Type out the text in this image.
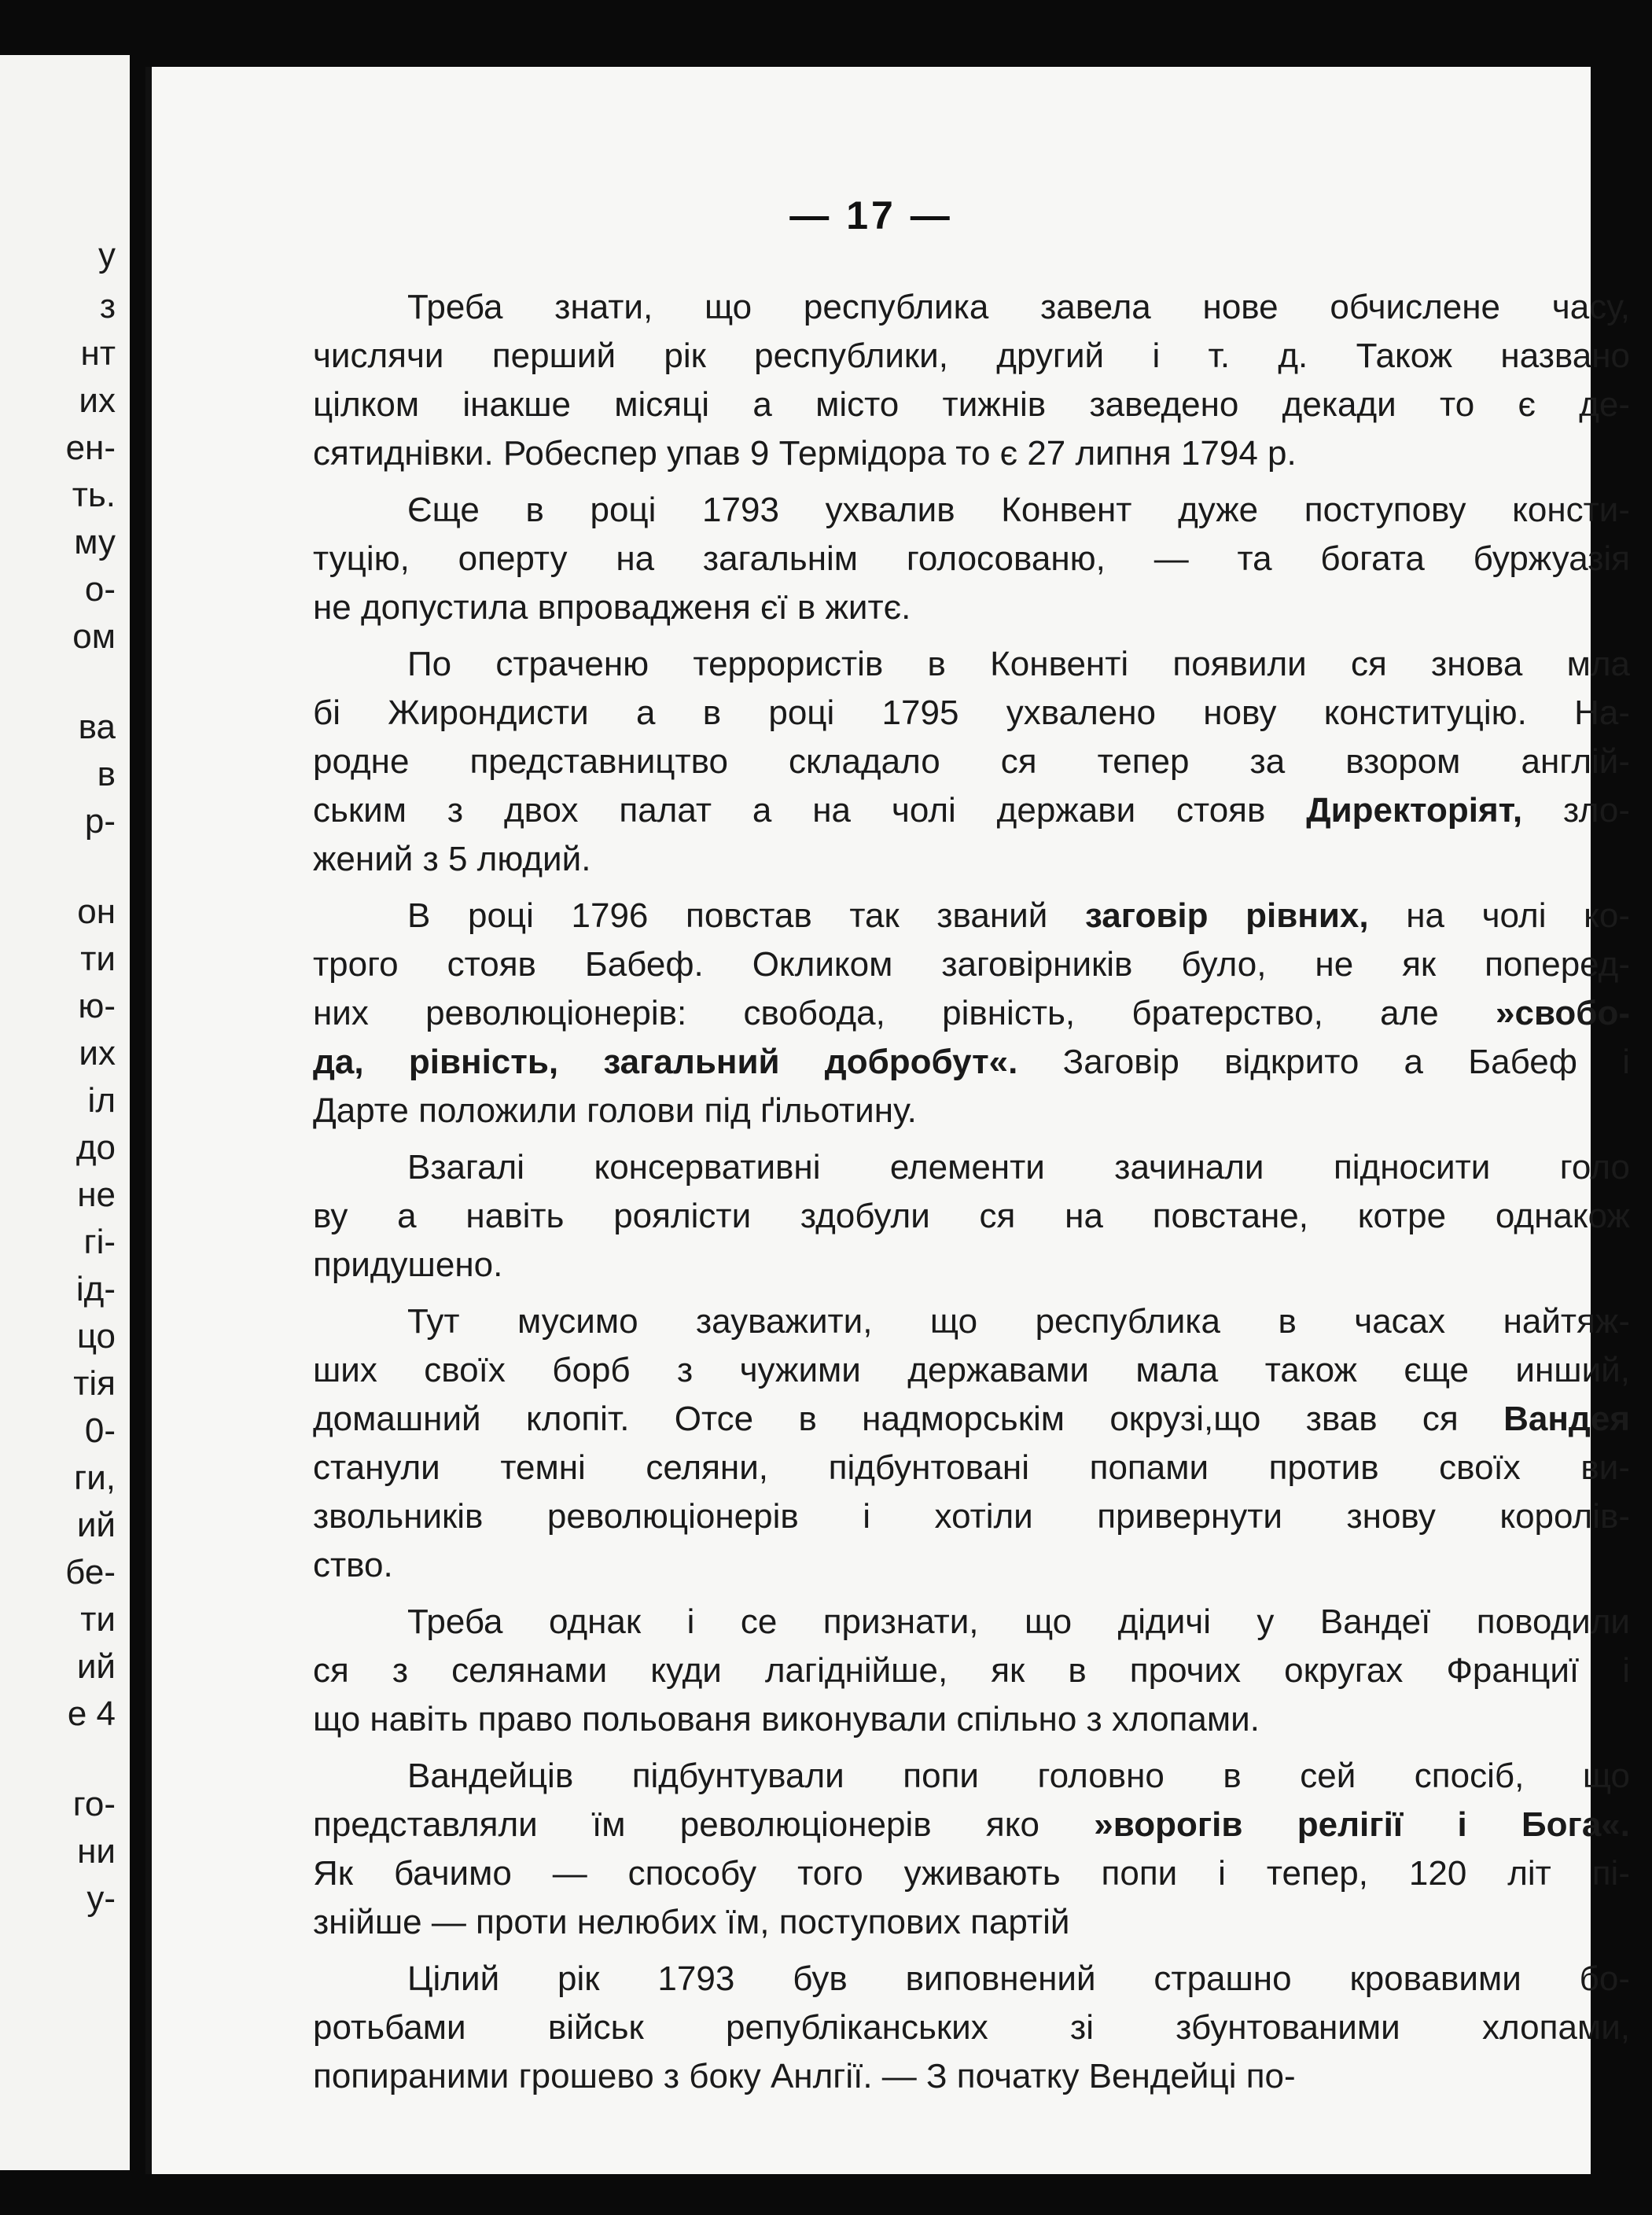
у
з
нт
их
ен-
ть.
му
о-
ом
ва
в
р-
он
ти
ю-
их
іл
до
не
гі-
ід-
цо
тія
0-
ги,
ий
бе-
ти
ий
е 4
го-
ни
у-
— 17 —
Треба знати, що республика завела нове обчислене часу,
числячи перший рік республики, другий і т. д. Також названо
цілком інакше місяці а місто тижнів заведено декади то є де-
сятиднівки. Робеспер упав 9 Термідора то є 27 липня 1794 р.
Єще в році 1793 ухвалив Конвент дуже поступову консти-
туцію, оперту на загальнім голосованю, — та богата буржуазія
не допустила впровадженя єї в житє.
По страченю террористів в Конвенті появили ся знова мла
бі Жирондисти а в році 1795 ухвалено нову конституцію. На-
родне представництво складало ся тепер за взором англій-
ським з двох палат а на чолі держави стояв Директоріят, зло-
жений з 5 людий.
В році 1796 повстав так званий заговір рівних, на чолі ко-
трого стояв Бабеф. Окликом заговірників було, не як поперед-
них революціонерів: свобода, рівність, братерство, але »свобо-
да, рівність, загальний добробут«. Заговір відкрито а Бабеф і
Дарте положили голови під ґільотину.
Взагалі консервативні елементи зачинали підносити голо
ву а навіть роялісти здобули ся на повстане, котре однакож
придушено.
Тут мусимо зауважити, що республика в часах найтяж-
ших своїх борб з чужими державами мала також єще инший,
домашний клопіт. Отсе в надморськім окрузі,що звав ся Вандея
станули темні селяни, підбунтовані попами против своїх ви-
звольників революціонерів і хотіли привернути знову королів-
ство.
Треба однак і се признати, що дідичі у Вандеї поводили
ся з селянами куди лагіднійше, як в прочих округах Франциї і
що навіть право польованя виконували спільно з хлопами.
Вандейців підбунтували попи головно в сей спосіб, що
представляли їм революціонерів яко »ворогів релігії і Бога«.
Як бачимо — способу того уживають попи і тепер, 120 літ пі-
знійше — проти нелюбих їм, поступових партій
Цілий рік 1793 був виповнений страшно кровавими бо-
ротьбами військ републіканських зі збунтованими хлопами,
попираними грошево з боку Анлгії. — З початку Вендейці по-
